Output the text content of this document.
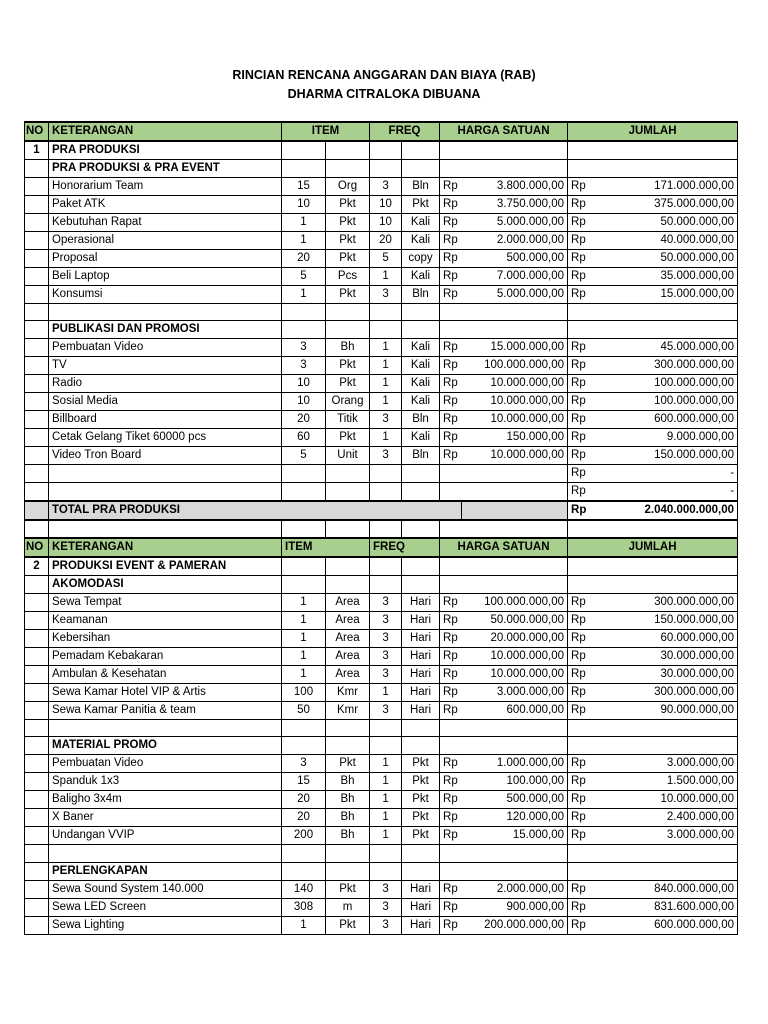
RINCIAN RENCANA ANGGARAN DAN BIAYA (RAB)
DHARMA CITRALOKA DIBUANA
NO	KETERANGAN	ITEM		FREQ		HARGA SATUAN		JUMLAH	
1	PRA PRODUKSI								
	PRA PRODUKSI & PRA EVENT								
	Honorarium Team	15	Org	3	Bln	Rp	3.800.000,00	Rp	171.000.000,00
	Paket ATK	10	Pkt	10	Pkt	Rp	3.750.000,00	Rp	375.000.000,00
	Kebutuhan Rapat	1	Pkt	10	Kali	Rp	5.000.000,00	Rp	50.000.000,00
	Operasional	1	Pkt	20	Kali	Rp	2.000.000,00	Rp	40.000.000,00
	Proposal	20	Pkt	5	copy	Rp	500.000,00	Rp	50.000.000,00
	Beli Laptop	5	Pcs	1	Kali	Rp	7.000.000,00	Rp	35.000.000,00
	Konsumsi	1	Pkt	3	Bln	Rp	5.000.000,00	Rp	15.000.000,00

	PUBLIKASI DAN PROMOSI								
	Pembuatan Video	3	Bh	1	Kali	Rp	15.000.000,00	Rp	45.000.000,00
	TV	3	Pkt	1	Kali	Rp	100.000.000,00	Rp	300.000.000,00
	Radio	10	Pkt	1	Kali	Rp	10.000.000,00	Rp	100.000.000,00
	Sosial Media	10	Orang	1	Kali	Rp	10.000.000,00	Rp	100.000.000,00
	Billboard	20	Titik	3	Bln	Rp	10.000.000,00	Rp	600.000.000,00
	Cetak Gelang Tiket 60000 pcs	60	Pkt	1	Kali	Rp	150.000,00	Rp	9.000.000,00
	Video Tron Board	5	Unit	3	Bln	Rp	10.000.000,00	Rp	150.000.000,00
								Rp	-
								Rp	-
	TOTAL PRA PRODUKSI							Rp	2.040.000.000,00

NO	KETERANGAN	ITEM		FREQ		HARGA SATUAN		JUMLAH	
2	PRODUKSI EVENT & PAMERAN								
	AKOMODASI								
	Sewa Tempat	1	Area	3	Hari	Rp	100.000.000,00	Rp	300.000.000,00
	Keamanan	1	Area	3	Hari	Rp	50.000.000,00	Rp	150.000.000,00
	Kebersihan	1	Area	3	Hari	Rp	20.000.000,00	Rp	60.000.000,00
	Pemadam Kebakaran	1	Area	3	Hari	Rp	10.000.000,00	Rp	30.000.000,00
	Ambulan & Kesehatan	1	Area	3	Hari	Rp	10.000.000,00	Rp	30.000.000,00
	Sewa Kamar Hotel VIP & Artis	100	Kmr	1	Hari	Rp	3.000.000,00	Rp	300.000.000,00
	Sewa Kamar Panitia & team	50	Kmr	3	Hari	Rp	600.000,00	Rp	90.000.000,00

	MATERIAL PROMO								
	Pembuatan Video	3	Pkt	1	Pkt	Rp	1.000.000,00	Rp	3.000.000,00
	Spanduk 1x3	15	Bh	1	Pkt	Rp	100.000,00	Rp	1.500.000,00
	Baligho 3x4m	20	Bh	1	Pkt	Rp	500.000,00	Rp	10.000.000,00
	X Baner	20	Bh	1	Pkt	Rp	120.000,00	Rp	2.400.000,00
	Undangan VVIP	200	Bh	1	Pkt	Rp	15.000,00	Rp	3.000.000,00

	PERLENGKAPAN								
	Sewa Sound System 140.000	140	Pkt	3	Hari	Rp	2.000.000,00	Rp	840.000.000,00
	Sewa LED Screen	308	m	3	Hari	Rp	900.000,00	Rp	831.600.000,00
	Sewa Lighting	1	Pkt	3	Hari	Rp	200.000.000,00	Rp	600.000.000,00
